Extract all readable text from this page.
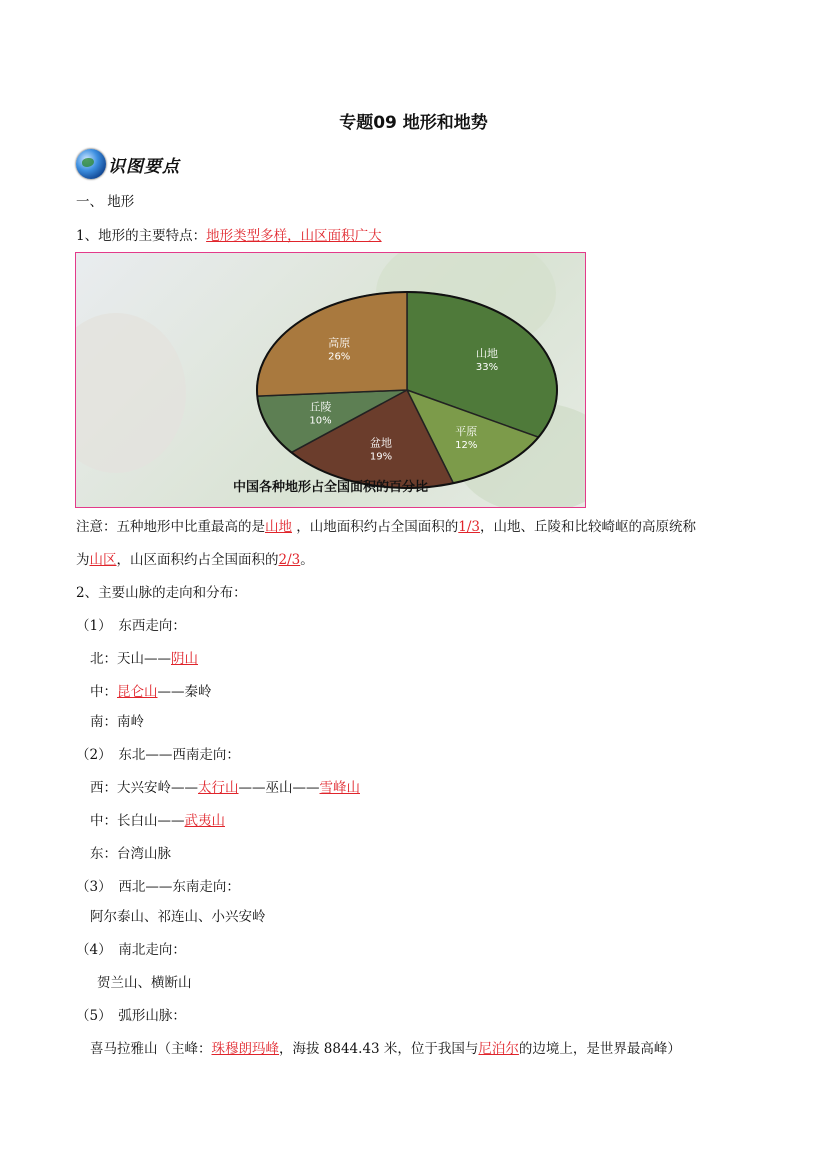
专题09 地形和地势
识图要点
一、 地形
1、地形的主要特点：地形类型多样，山区面积广大
山地
33%
平原
12%
盆地
19%
丘陵
10%
高原
26%
中国各种地形占全国面积的百分比
注意：五种地形中比重最高的是山地 ，山地面积约占全国面积的1/3，山地、丘陵和比较崎岖的高原统称
为山区，山区面积约占全国面积的2/3。
2、主要山脉的走向和分布：
（1）　东西走向：
北：天山——阴山
中：昆仑山——秦岭
南：南岭
（2）　东北——西南走向：
西：大兴安岭——太行山——巫山——雪峰山
中：长白山——武夷山
东：台湾山脉
（3）　西北——东南走向：
阿尔泰山、祁连山、小兴安岭
（4）　南北走向：
贺兰山、横断山
（5）　弧形山脉：
喜马拉雅山（主峰：珠穆朗玛峰，海拔 8844.43 米，位于我国与尼泊尔的边境上，是世界最高峰）
